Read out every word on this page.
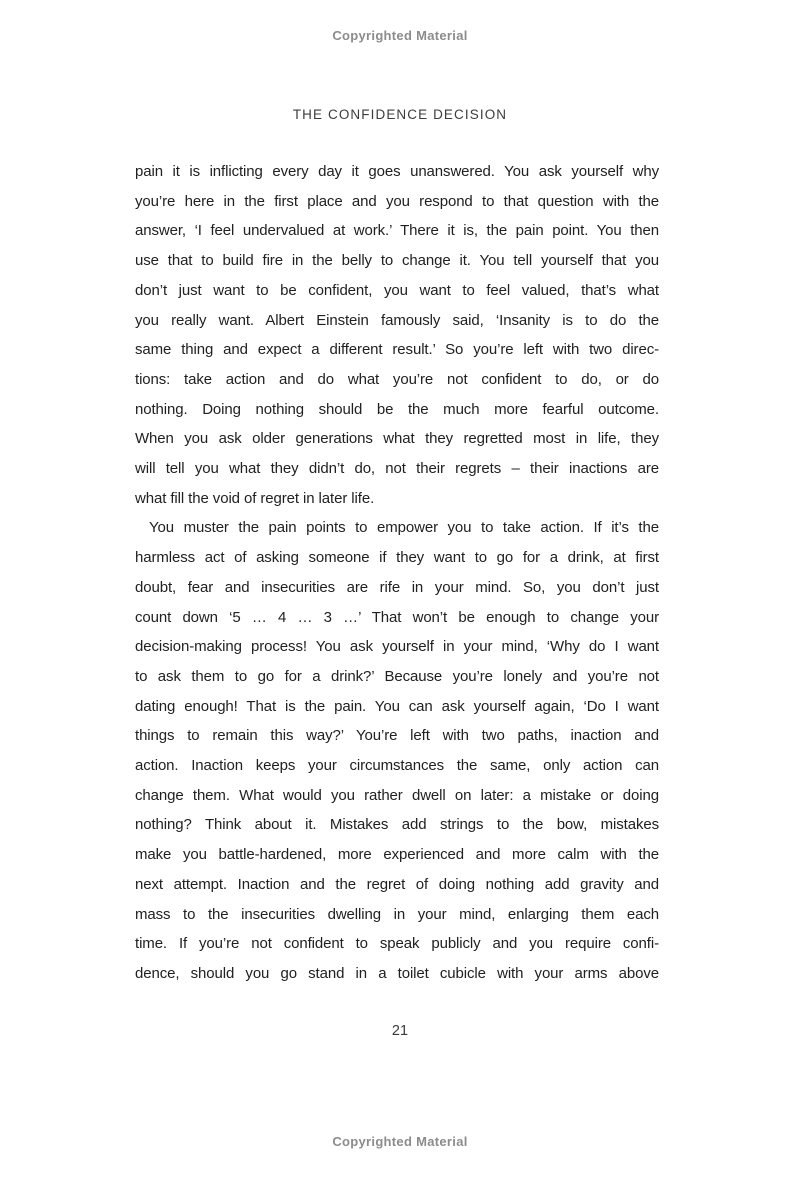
Copyrighted Material
THE CONFIDENCE DECISION
pain it is inflicting every day it goes unanswered. You ask yourself why
you’re here in the first place and you respond to that question with the
answer, ‘I feel undervalued at work.’ There it is, the pain point. You then
use that to build fire in the belly to change it. You tell yourself that you
don’t just want to be confident, you want to feel valued, that’s what
you really want. Albert Einstein famously said, ‘Insanity is to do the
same thing and expect a different result.’ So you’re left with two direc-
tions: take action and do what you’re not confident to do, or do
nothing. Doing nothing should be the much more fearful outcome.
When you ask older generations what they regretted most in life, they
will tell you what they didn’t do, not their regrets – their inactions are
what fill the void of regret in later life.
You muster the pain points to empower you to take action. If it’s the
harmless act of asking someone if they want to go for a drink, at first
doubt, fear and insecurities are rife in your mind. So, you don’t just
count down ‘5 … 4 … 3 …’ That won’t be enough to change your
decision-making process! You ask yourself in your mind, ‘Why do I want
to ask them to go for a drink?’ Because you’re lonely and you’re not
dating enough! That is the pain. You can ask yourself again, ‘Do I want
things to remain this way?’ You’re left with two paths, inaction and
action. Inaction keeps your circumstances the same, only action can
change them. What would you rather dwell on later: a mistake or doing
nothing? Think about it. Mistakes add strings to the bow, mistakes
make you battle-hardened, more experienced and more calm with the
next attempt. Inaction and the regret of doing nothing add gravity and
mass to the insecurities dwelling in your mind, enlarging them each
time. If you’re not confident to speak publicly and you require confi-
dence, should you go stand in a toilet cubicle with your arms above
21
Copyrighted Material
